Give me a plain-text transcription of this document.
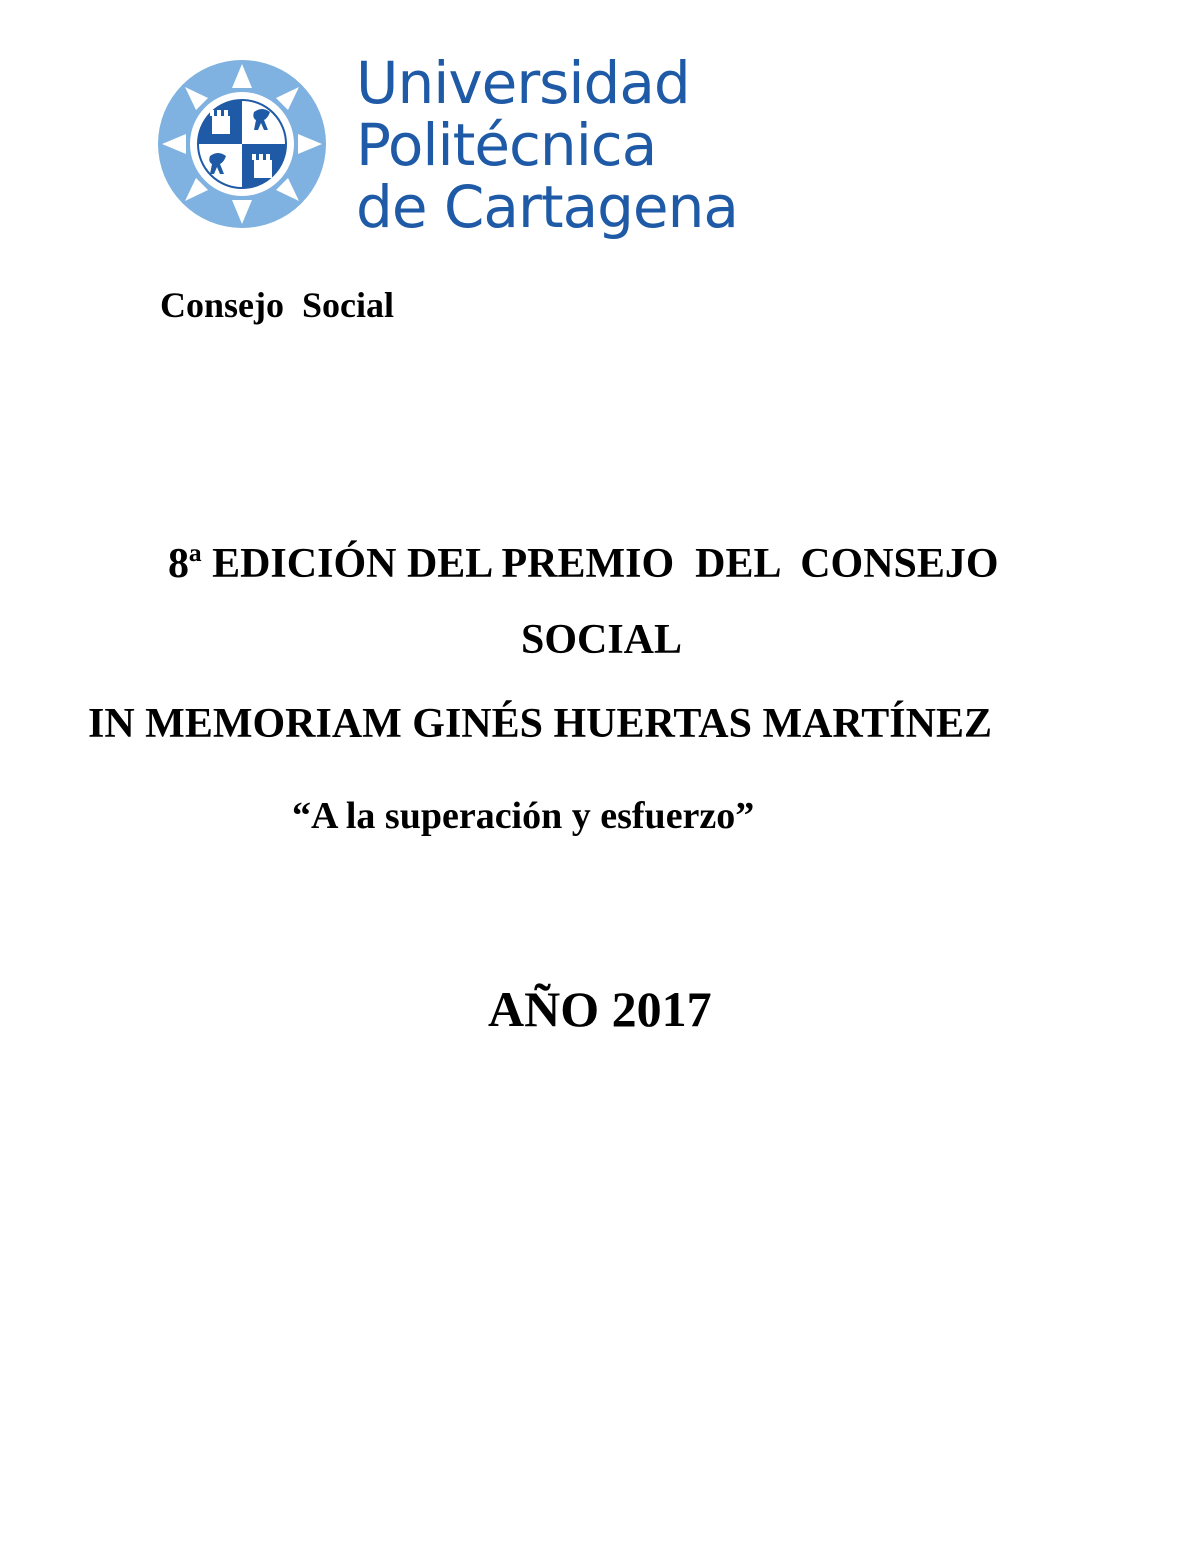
Universidad
Politécnica
de Cartagena
Consejo  Social
8ª EDICIÓN DEL PREMIO  DEL  CONSEJO
SOCIAL
IN MEMORIAM GINÉS HUERTAS MARTÍNEZ
“A la superación y esfuerzo”
AÑO 2017
